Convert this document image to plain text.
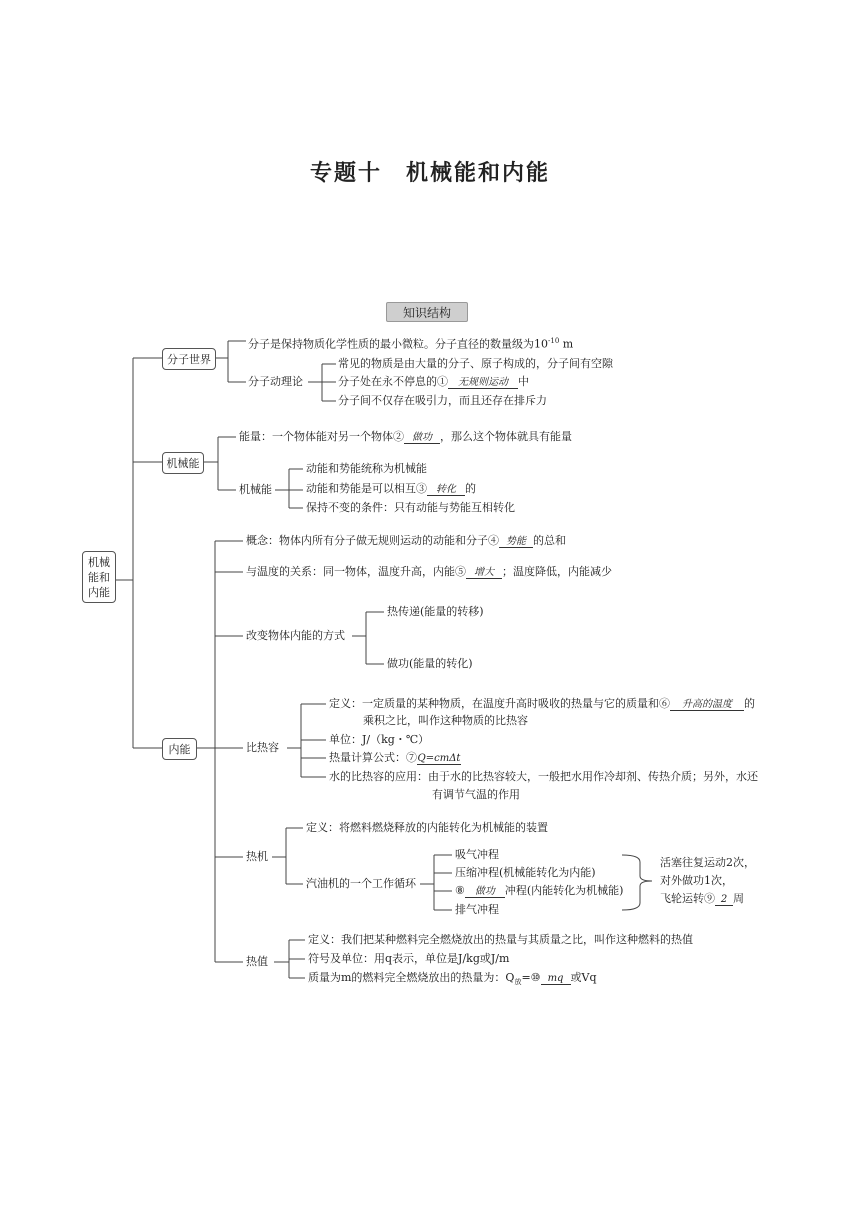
专题十　机械能和内能
知识结构
机械
能和
内能
分子世界
分子是保持物质化学性质的最小微粒。分子直径的数量级为$10^{-10}$ m
分子动理论
常见的物质是由大量的分子、原子构成的，分子间有空隙
分子处在永不停息的① 无规则运动 中
分子间不仅存在吸引力，而且还存在排斥力
机械能
能量：一个物体能对另一个物体② 做功 ，那么这个物体就具有能量
机械能
动能和势能统称为机械能
动能和势能是可以相互③ 转化 的
保持不变的条件：只有动能与势能互相转化
内能
概念：物体内所有分子做无规则运动的动能和分子④ 势能 的总和
与温度的关系：同一物体，温度升高，内能⑤ 增大 ；温度降低，内能减少
改变物体内能的方式
热传递(能量的转移)
做功(能量的转化)
比热容
定义：一定质量的某种物质，在温度升高时吸收的热量与它的质量和⑥ 升高的温度 的
乘积之比，叫作这种物质的比热容
单位：J/（kg・℃）
热量计算公式：⑦Q=cmΔt
水的比热容的应用：由于水的比热容较大，一般把水用作冷却剂、传热介质；另外，水还
有调节气温的作用
热机
定义：将燃料燃烧释放的内能转化为机械能的装置
汽油机的一个工作循环
吸气冲程
压缩冲程(机械能转化为内能)
⑧ 做功 冲程(内能转化为机械能)
排气冲程
活塞往复运动2次，
对外做功1次，
飞轮运转⑨ 2 周
热值
定义：我们把某种燃料完全燃烧放出的热量与其质量之比，叫作这种燃料的热值
符号及单位：用q表示，单位是J/kg或J/m
质量为m的燃料完全燃烧放出的热量为：$Q_放=⑩$ mq 或Vq
